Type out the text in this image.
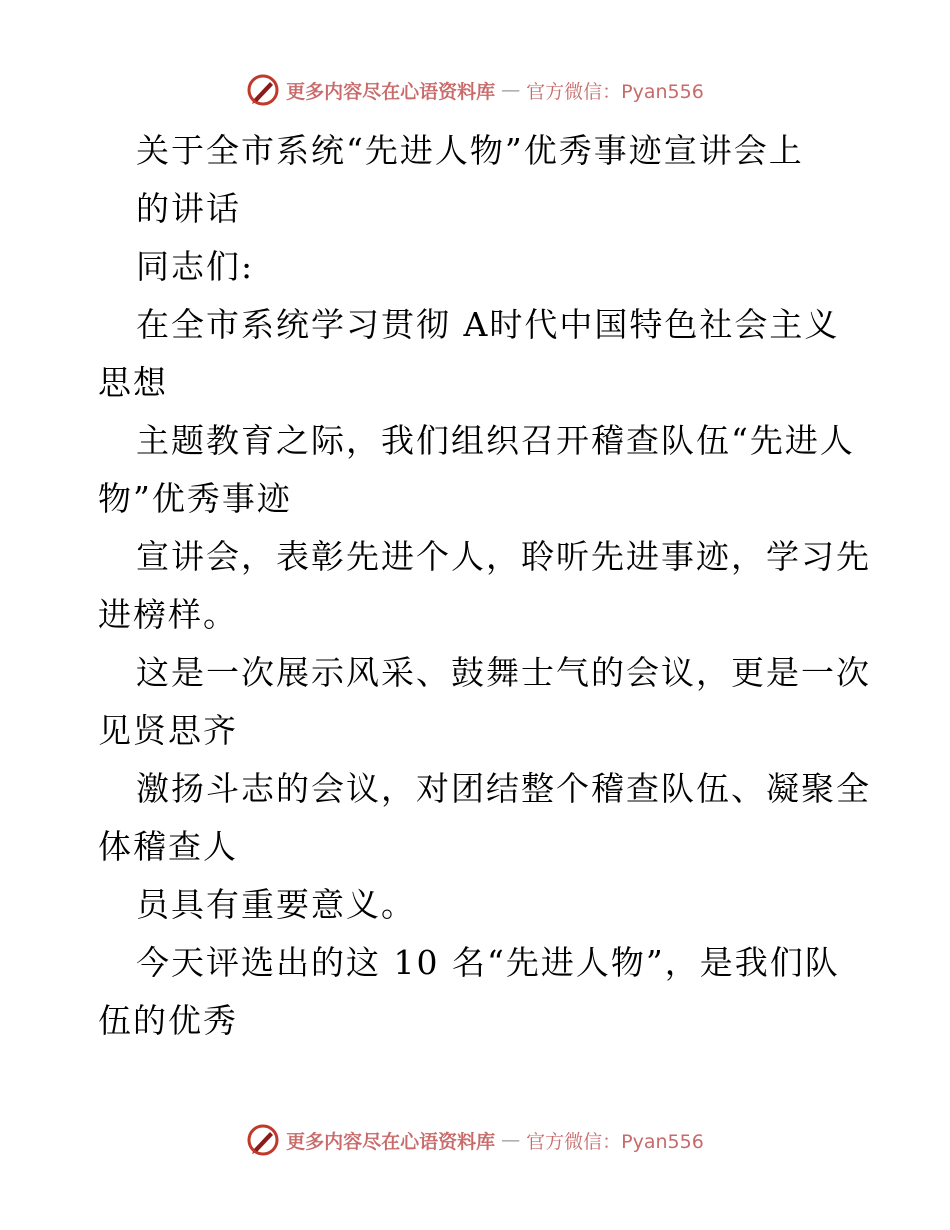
更多内容尽在心语资料库 — 官方微信：Pyan556
关于全市系统“先进人物”优秀事迹宣讲会上
的讲话
同志们:
在全市系统学习贯彻 A时代中国特色社会主义
思想
主题教育之际，我们组织召开稽查队伍“先进人
物”优秀事迹
宣讲会，表彰先进个人，聆听先进事迹，学习先
进榜样。
这是一次展示风采、鼓舞士气的会议，更是一次
见贤思齐
激扬斗志的会议，对团结整个稽查队伍、凝聚全
体稽查人
员具有重要意义。
今天评选出的这 10 名“先进人物”，是我们队
伍的优秀
更多内容尽在心语资料库 — 官方微信：Pyan556
